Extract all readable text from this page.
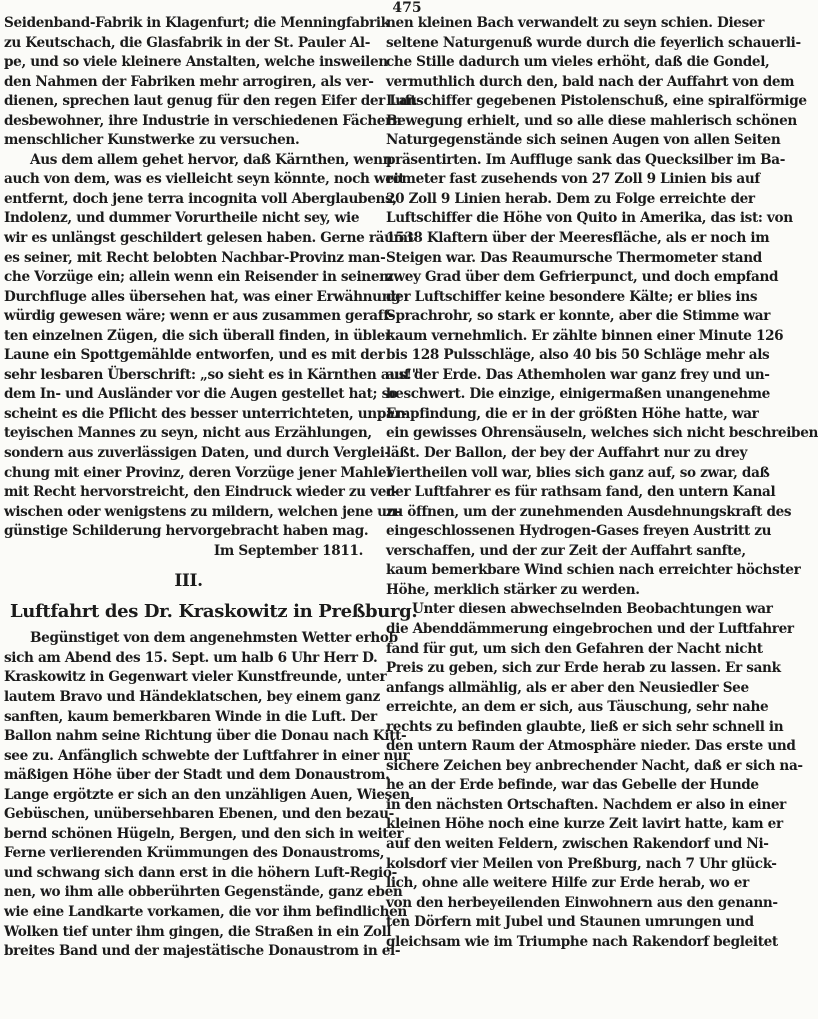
475
Seidenband-Fabrik in Klagenfurt; die Menningfabrik
zu Keutschach, die Glasfabrik in der St. Pauler Al-
pe, und so viele kleinere Anstalten, welche insweilen
den Nahmen der Fabriken mehr arrogiren, als ver-
dienen, sprechen laut genug für den regen Eifer der Lan-
desbewohner, ihre Industrie in verschiedenen Fächern
menschlicher Kunstwerke zu versuchen.
Aus dem allem gehet hervor, daß Kärnthen, wenn
auch von dem, was es vielleicht seyn könnte, noch weit
entfernt, doch jene terra incognita voll Aberglaubens,
Indolenz, und dummer Vorurtheile nicht sey, wie
wir es unlängst geschildert gelesen haben. Gerne räumt
es seiner, mit Recht belobten Nachbar-Provinz man-
che Vorzüge ein; allein wenn ein Reisender in seinem
Durchfluge alles übersehen hat, was einer Erwähnung
würdig gewesen wäre; wenn er aus zusammen geraff-
ten einzelnen Zügen, die sich überall finden, in übler
Laune ein Spottgemählde entworfen, und es mit der
sehr lesbaren Überschrift: „so sieht es in Kärnthen aus!"
dem In- und Ausländer vor die Augen gestellet hat; so
scheint es die Pflicht des besser unterrichteten, unpar-
teyischen Mannes zu seyn, nicht aus Erzählungen,
sondern aus zuverlässigen Daten, und durch Verglei-
chung mit einer Provinz, deren Vorzüge jener Mahler
mit Recht hervorstreicht, den Eindruck wieder zu ver-
wischen oder wenigstens zu mildern, welchen jene un-
günstige Schilderung hervorgebracht haben mag.
Im September 1811.
III.
Luftfahrt des Dr. Kraskowitz in Preßburg.
Begünstiget von dem angenehmsten Wetter erhob
sich am Abend des 15. Sept. um halb 6 Uhr Herr D.
Kraskowitz in Gegenwart vieler Kunstfreunde, unter
lautem Bravo und Händeklatschen, bey einem ganz
sanften, kaum bemerkbaren Winde in die Luft. Der
Ballon nahm seine Richtung über die Donau nach Kitt-
see zu. Anfänglich schwebte der Luftfahrer in einer nur
mäßigen Höhe über der Stadt und dem Donaustrom.
Lange ergötzte er sich an den unzähligen Auen, Wiesen,
Gebüschen, unübersehbaren Ebenen, und den bezau-
bernd schönen Hügeln, Bergen, und den sich in weiter
Ferne verlierenden Krümmungen des Donaustroms,
und schwang sich dann erst in die höhern Luft-Regio-
nen, wo ihm alle obberührten Gegenstände, ganz eben
wie eine Landkarte vorkamen, die vor ihm befindlichen
Wolken tief unter ihm gingen, die Straßen in ein Zoll
breites Band und der majestätische Donaustrom in ei-
nen kleinen Bach verwandelt zu seyn schien. Dieser
seltene Naturgenuß wurde durch die feyerlich schauerli-
che Stille dadurch um vieles erhöht, daß die Gondel,
vermuthlich durch den, bald nach der Auffahrt von dem
Luftschiffer gegebenen Pistolenschuß, eine spiralförmige
Bewegung erhielt, und so alle diese mahlerisch schönen
Naturgegenstände sich seinen Augen von allen Seiten
präsentirten. Im Auffluge sank das Quecksilber im Ba-
rometer fast zusehends von 27 Zoll 9 Linien bis auf
20 Zoll 9 Linien herab. Dem zu Folge erreichte der
Luftschiffer die Höhe von Quito in Amerika, das ist: von
1538 Klaftern über der Meeresfläche, als er noch im
Steigen war. Das Reaumursche Thermometer stand
zwey Grad über dem Gefrierpunct, und doch empfand
der Luftschiffer keine besondere Kälte; er blies ins
Sprachrohr, so stark er konnte, aber die Stimme war
kaum vernehmlich. Er zählte binnen einer Minute 126
bis 128 Pulsschläge, also 40 bis 50 Schläge mehr als
auf der Erde. Das Athemholen war ganz frey und un-
beschwert. Die einzige, einigermaßen unangenehme
Empfindung, die er in der größten Höhe hatte, war
ein gewisses Ohrensäuseln, welches sich nicht beschreiben
läßt. Der Ballon, der bey der Auffahrt nur zu drey
Viertheilen voll war, blies sich ganz auf, so zwar, daß
der Luftfahrer es für rathsam fand, den untern Kanal
zu öffnen, um der zunehmenden Ausdehnungskraft des
eingeschlossenen Hydrogen-Gases freyen Austritt zu
verschaffen, und der zur Zeit der Auffahrt sanfte,
kaum bemerkbare Wind schien nach erreichter höchster
Höhe, merklich stärker zu werden.
Unter diesen abwechselnden Beobachtungen war
die Abenddämmerung eingebrochen und der Luftfahrer
fand für gut, um sich den Gefahren der Nacht nicht
Preis zu geben, sich zur Erde herab zu lassen. Er sank
anfangs allmählig, als er aber den Neusiedler See
erreichte, an dem er sich, aus Täuschung, sehr nahe
rechts zu befinden glaubte, ließ er sich sehr schnell in
den untern Raum der Atmosphäre nieder. Das erste und
sichere Zeichen bey anbrechender Nacht, daß er sich na-
he an der Erde befinde, war das Gebelle der Hunde
in den nächsten Ortschaften. Nachdem er also in einer
kleinen Höhe noch eine kurze Zeit lavirt hatte, kam er
auf den weiten Feldern, zwischen Rakendorf und Ni-
kolsdorf vier Meilen von Preßburg, nach 7 Uhr glück-
lich, ohne alle weitere Hilfe zur Erde herab, wo er
von den herbeyeilenden Einwohnern aus den genann-
ten Dörfern mit Jubel und Staunen umrungen und
gleichsam wie im Triumphe nach Rakendorf begleitet
